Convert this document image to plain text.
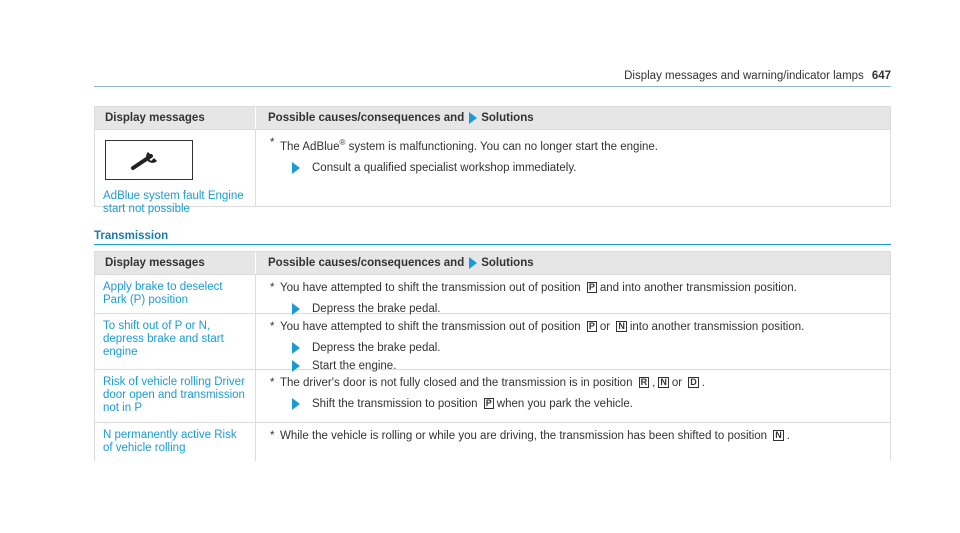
Display messages and warning/indicator lamps 647
Display messages	Possible causes/consequences and Solutions
AdBlue system fault Engine start not possible
* The AdBlue® system is malfunctioning. You can no longer start the engine.
Consult a qualified specialist workshop immediately.
Transmission
Display messages	Possible causes/consequences and Solutions
Apply brake to deselect Park (P) position
* You have attempted to shift the transmission out of position P and into another transmission position.
Depress the brake pedal.
To shift out of P or N, depress brake and start engine
* You have attempted to shift the transmission out of position P or N into another transmission position.
Depress the brake pedal.
Start the engine.
Risk of vehicle rolling Driver door open and transmission not in P
* The driver's door is not fully closed and the transmission is in position R , N or D .
Shift the transmission to position P when you park the vehicle.
N permanently active Risk of vehicle rolling
* While the vehicle is rolling or while you are driving, the transmission has been shifted to position N .
